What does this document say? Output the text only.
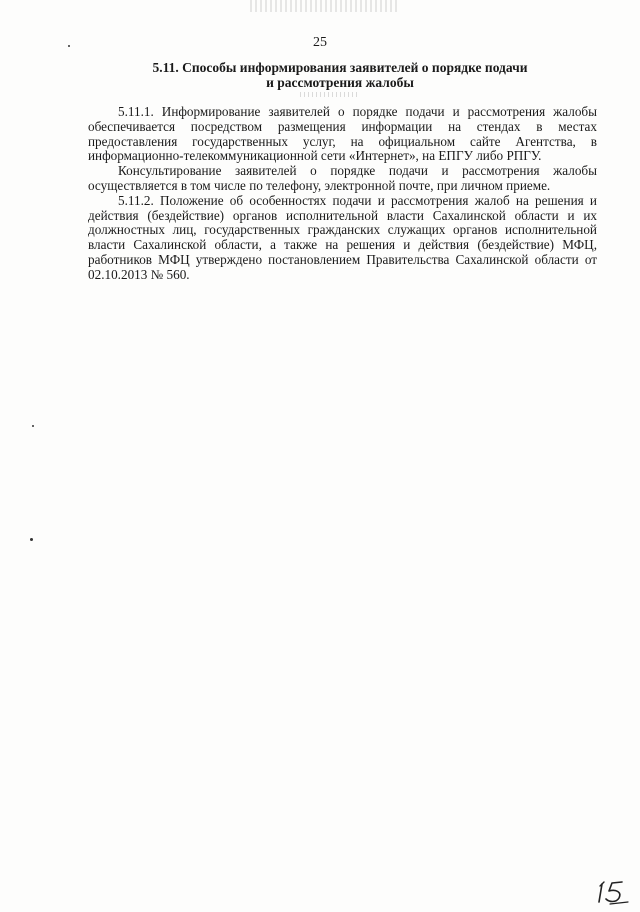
25
5.11. Способы информирования заявителей о порядке подачи
и рассмотрения жалобы

5.11.1. Информирование заявителей о порядке подачи и рассмотрения жалобы обеспечивается посредством размещения информации на стендах в местах предоставления государственных услуг, на официальном сайте Агентства, в информационно-телекоммуникационной сети «Интернет», на ЕПГУ либо РПГУ.

Консультирование заявителей о порядке подачи и рассмотрения жалобы осуществляется в том числе по телефону, электронной почте, при личном приеме.

5.11.2. Положение об особенностях подачи и рассмотрения жалоб на решения и действия (бездействие) органов исполнительной власти Сахалинской области и их должностных лиц, государственных гражданских служащих органов исполнительной власти Сахалинской области, а также на решения и действия (бездействие) МФЦ, работников МФЦ утверждено постановлением Правительства Сахалинской области от 02.10.2013 № 560.
